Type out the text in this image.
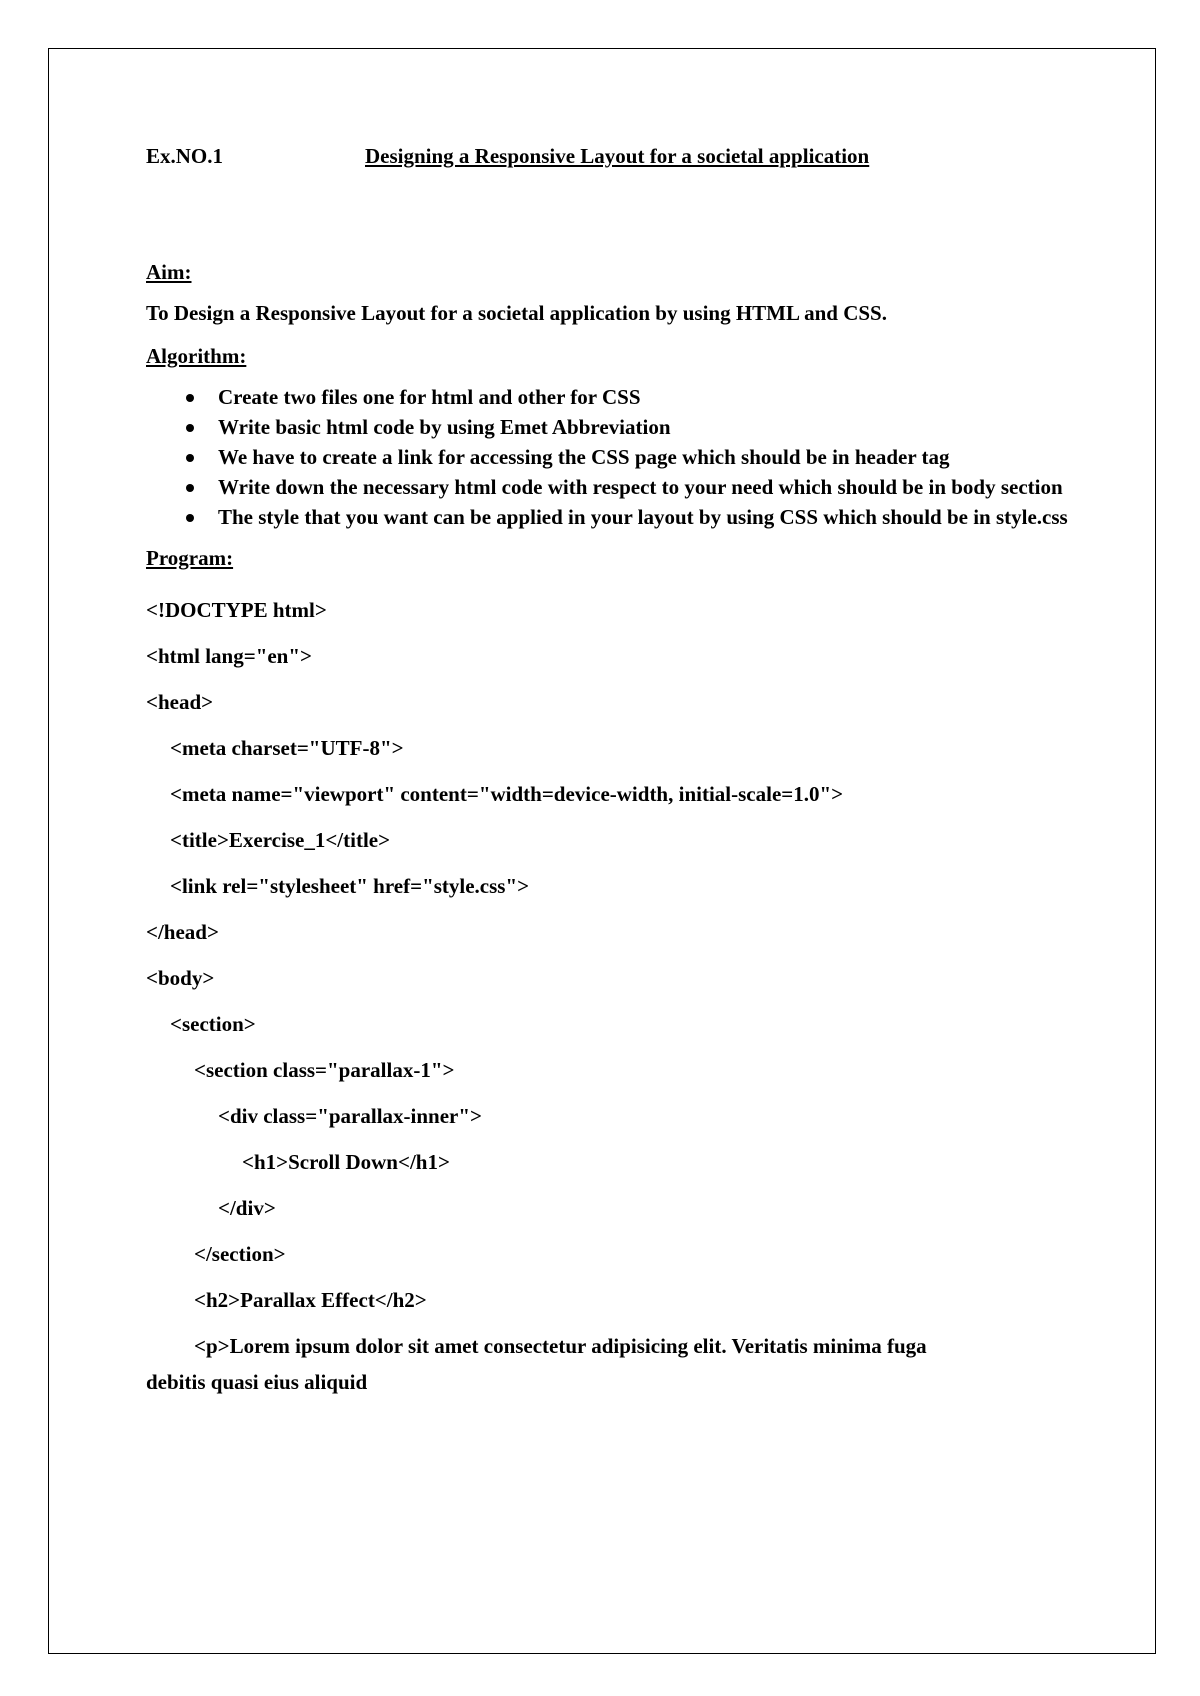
Ex.NO.1	Designing a Responsive Layout for a societal application

Aim:

To Design a Responsive Layout for a societal application by using HTML and CSS.

Algorithm:

Create two files one for html and other for CSS
Write basic html code by using Emet Abbreviation
We have to create a link for accessing the CSS page which should be in header tag
Write down the necessary html code with respect to your need which should be in body section
The style that you want can be applied in your layout by using CSS which should be in style.css

Program:

<!DOCTYPE html>
<html lang="en">
<head>
<meta charset="UTF-8">
<meta name="viewport" content="width=device-width, initial-scale=1.0">
<title>Exercise_1</title>
<link rel="stylesheet" href="style.css">
</head>
<body>
<section>
<section class="parallax-1">
<div class="parallax-inner">
<h1>Scroll Down</h1>
</div>
</section>
<h2>Parallax Effect</h2>
<p>Lorem ipsum dolor sit amet consectetur adipisicing elit. Veritatis minima fuga
debitis quasi eius aliquid
